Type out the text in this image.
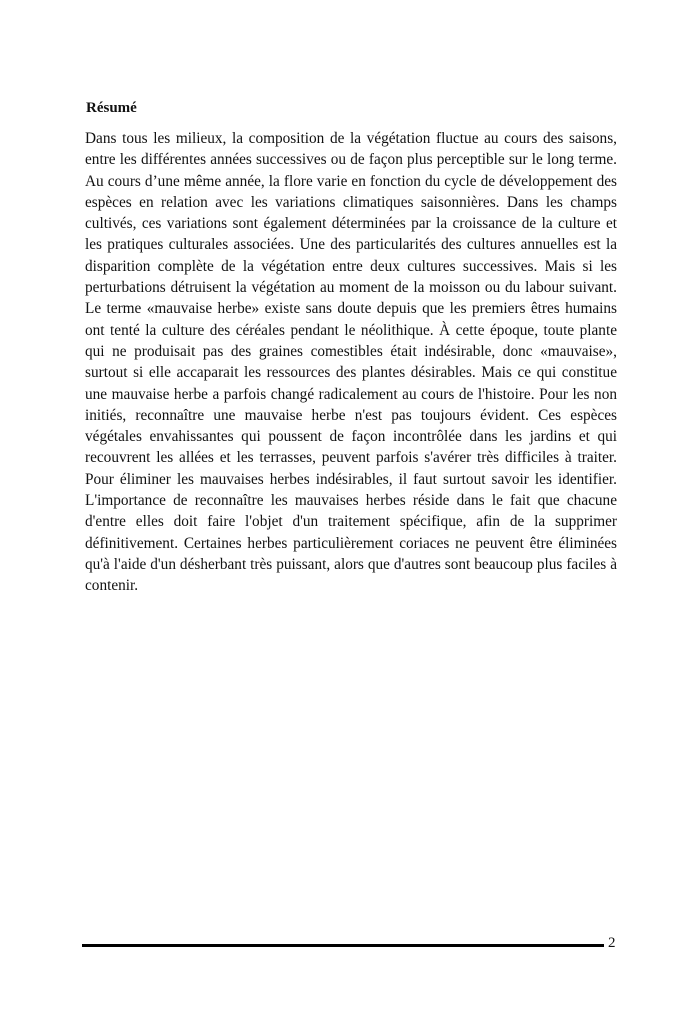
Résumé

Dans tous les milieux, la composition de la végétation fluctue au cours des saisons, entre les différentes années successives ou de façon plus perceptible sur le long terme. Au cours d’une même année, la flore varie en fonction du cycle de développement des espèces en relation avec les variations climatiques saisonnières. Dans les champs cultivés, ces variations sont également déterminées par la croissance de la culture et les pratiques culturales associées. Une des particularités des cultures annuelles est la disparition complète de la végétation entre deux cultures successives. Mais si les perturbations détruisent la végétation au moment de la moisson ou du labour suivant. Le terme «mauvaise herbe» existe sans doute depuis que les premiers êtres humains ont tenté la culture des céréales pendant le néolithique. À cette époque, toute plante qui ne produisait pas des graines comestibles était indésirable, donc «mauvaise», surtout si elle accaparait les ressources des plantes désirables. Mais ce qui constitue une mauvaise herbe a parfois changé radicalement au cours de l'histoire. Pour les non initiés, reconnaître une mauvaise herbe n'est pas toujours évident. Ces espèces végétales envahissantes qui poussent de façon incontrôlée dans les jardins et qui recouvrent les allées et les terrasses, peuvent parfois s'avérer très difficiles à traiter. Pour éliminer les mauvaises herbes indésirables, il faut surtout savoir les identifier. L'importance de reconnaître les mauvaises herbes réside dans le fait que chacune d'entre elles doit faire l'objet d'un traitement spécifique, afin de la supprimer définitivement. Certaines herbes particulièrement coriaces ne peuvent être éliminées qu'à l'aide d'un désherbant très puissant, alors que d'autres sont beaucoup plus faciles à contenir.

2
